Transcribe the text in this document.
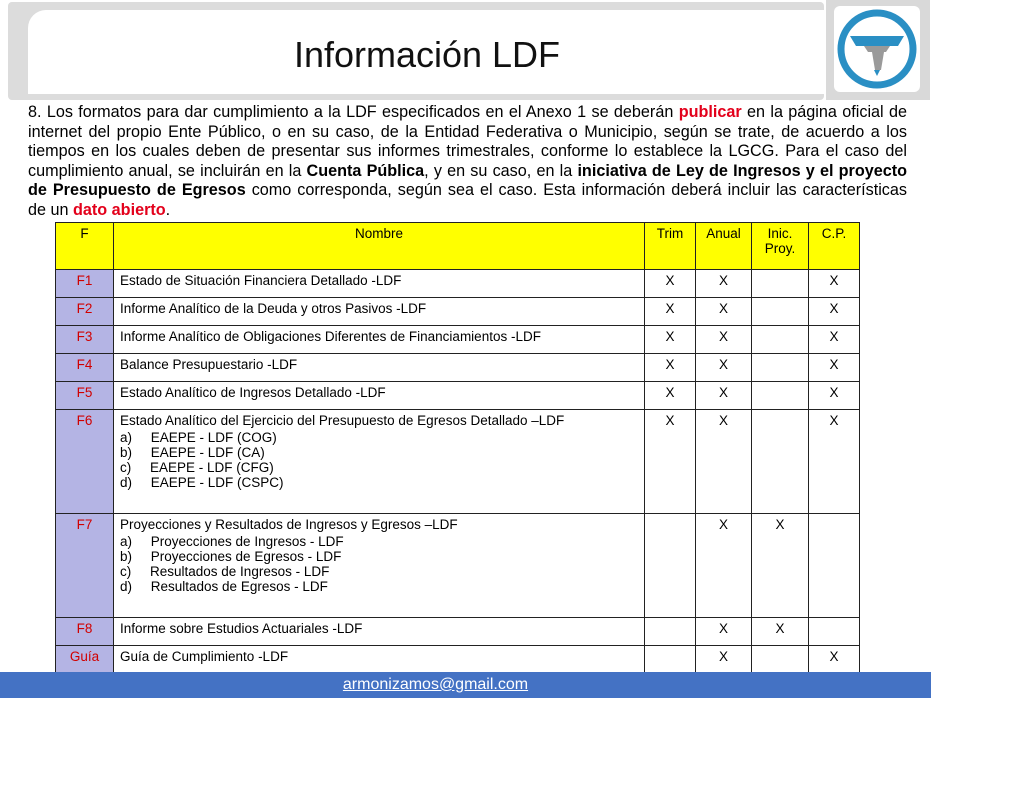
Información LDF
8. Los formatos para dar cumplimiento a la LDF especificados en el Anexo 1 se deberán publicar en la página oficial de internet del propio Ente Público, o en su caso, de la Entidad Federativa o Municipio, según se trate, de acuerdo a los tiempos en los cuales deben de presentar sus informes trimestrales, conforme lo establece la LGCG. Para el caso del cumplimiento anual, se incluirán en la Cuenta Pública, y en su caso, en la iniciativa de Ley de Ingresos y el proyecto de Presupuesto de Egresos como corresponda, según sea el caso. Esta información deberá incluir las características de un dato abierto.
F	Nombre	Trim	Anual	Inic. Proy.	C.P.
F1	Estado de Situación Financiera Detallado -LDF	X	X		X
F2	Informe Analítico de la Deuda y otros Pasivos -LDF	X	X		X
F3	Informe Analítico de Obligaciones Diferentes de Financiamientos -LDF	X	X		X
F4	Balance Presupuestario -LDF	X	X		X
F5	Estado Analítico de Ingresos Detallado -LDF	X	X		X
F6	Estado Analítico del Ejercicio del Presupuesto de Egresos Detallado –LDF
a)     EAEPE - LDF (COG)
b)     EAEPE - LDF (CA)
c)     EAEPE - LDF (CFG)
d)     EAEPE - LDF (CSPC)	X	X		X
F7	Proyecciones y Resultados de Ingresos y Egresos –LDF
a)     Proyecciones de Ingresos - LDF
b)     Proyecciones de Egresos - LDF
c)     Resultados de Ingresos - LDF
d)     Resultados de Egresos - LDF		X	X	
F8	Informe sobre Estudios Actuariales -LDF		X	X	
Guía	Guía de Cumplimiento -LDF		X		X
armonizamos@gmail.com
